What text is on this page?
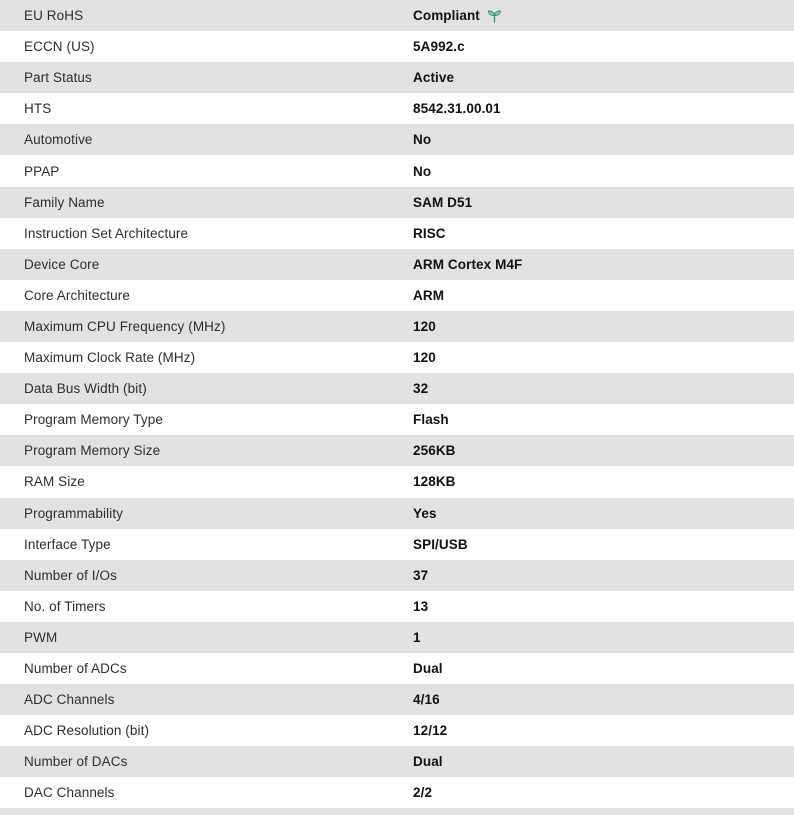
EU RoHS	Compliant
ECCN (US)	5A992.c
Part Status	Active
HTS	8542.31.00.01
Automotive	No
PPAP	No
Family Name	SAM D51
Instruction Set Architecture	RISC
Device Core	ARM Cortex M4F
Core Architecture	ARM
Maximum CPU Frequency (MHz)	120
Maximum Clock Rate (MHz)	120
Data Bus Width (bit)	32
Program Memory Type	Flash
Program Memory Size	256KB
RAM Size	128KB
Programmability	Yes
Interface Type	SPI/USB
Number of I/Os	37
No. of Timers	13
PWM	1
Number of ADCs	Dual
ADC Channels	4/16
ADC Resolution (bit)	12/12
Number of DACs	Dual
DAC Channels	2/2
